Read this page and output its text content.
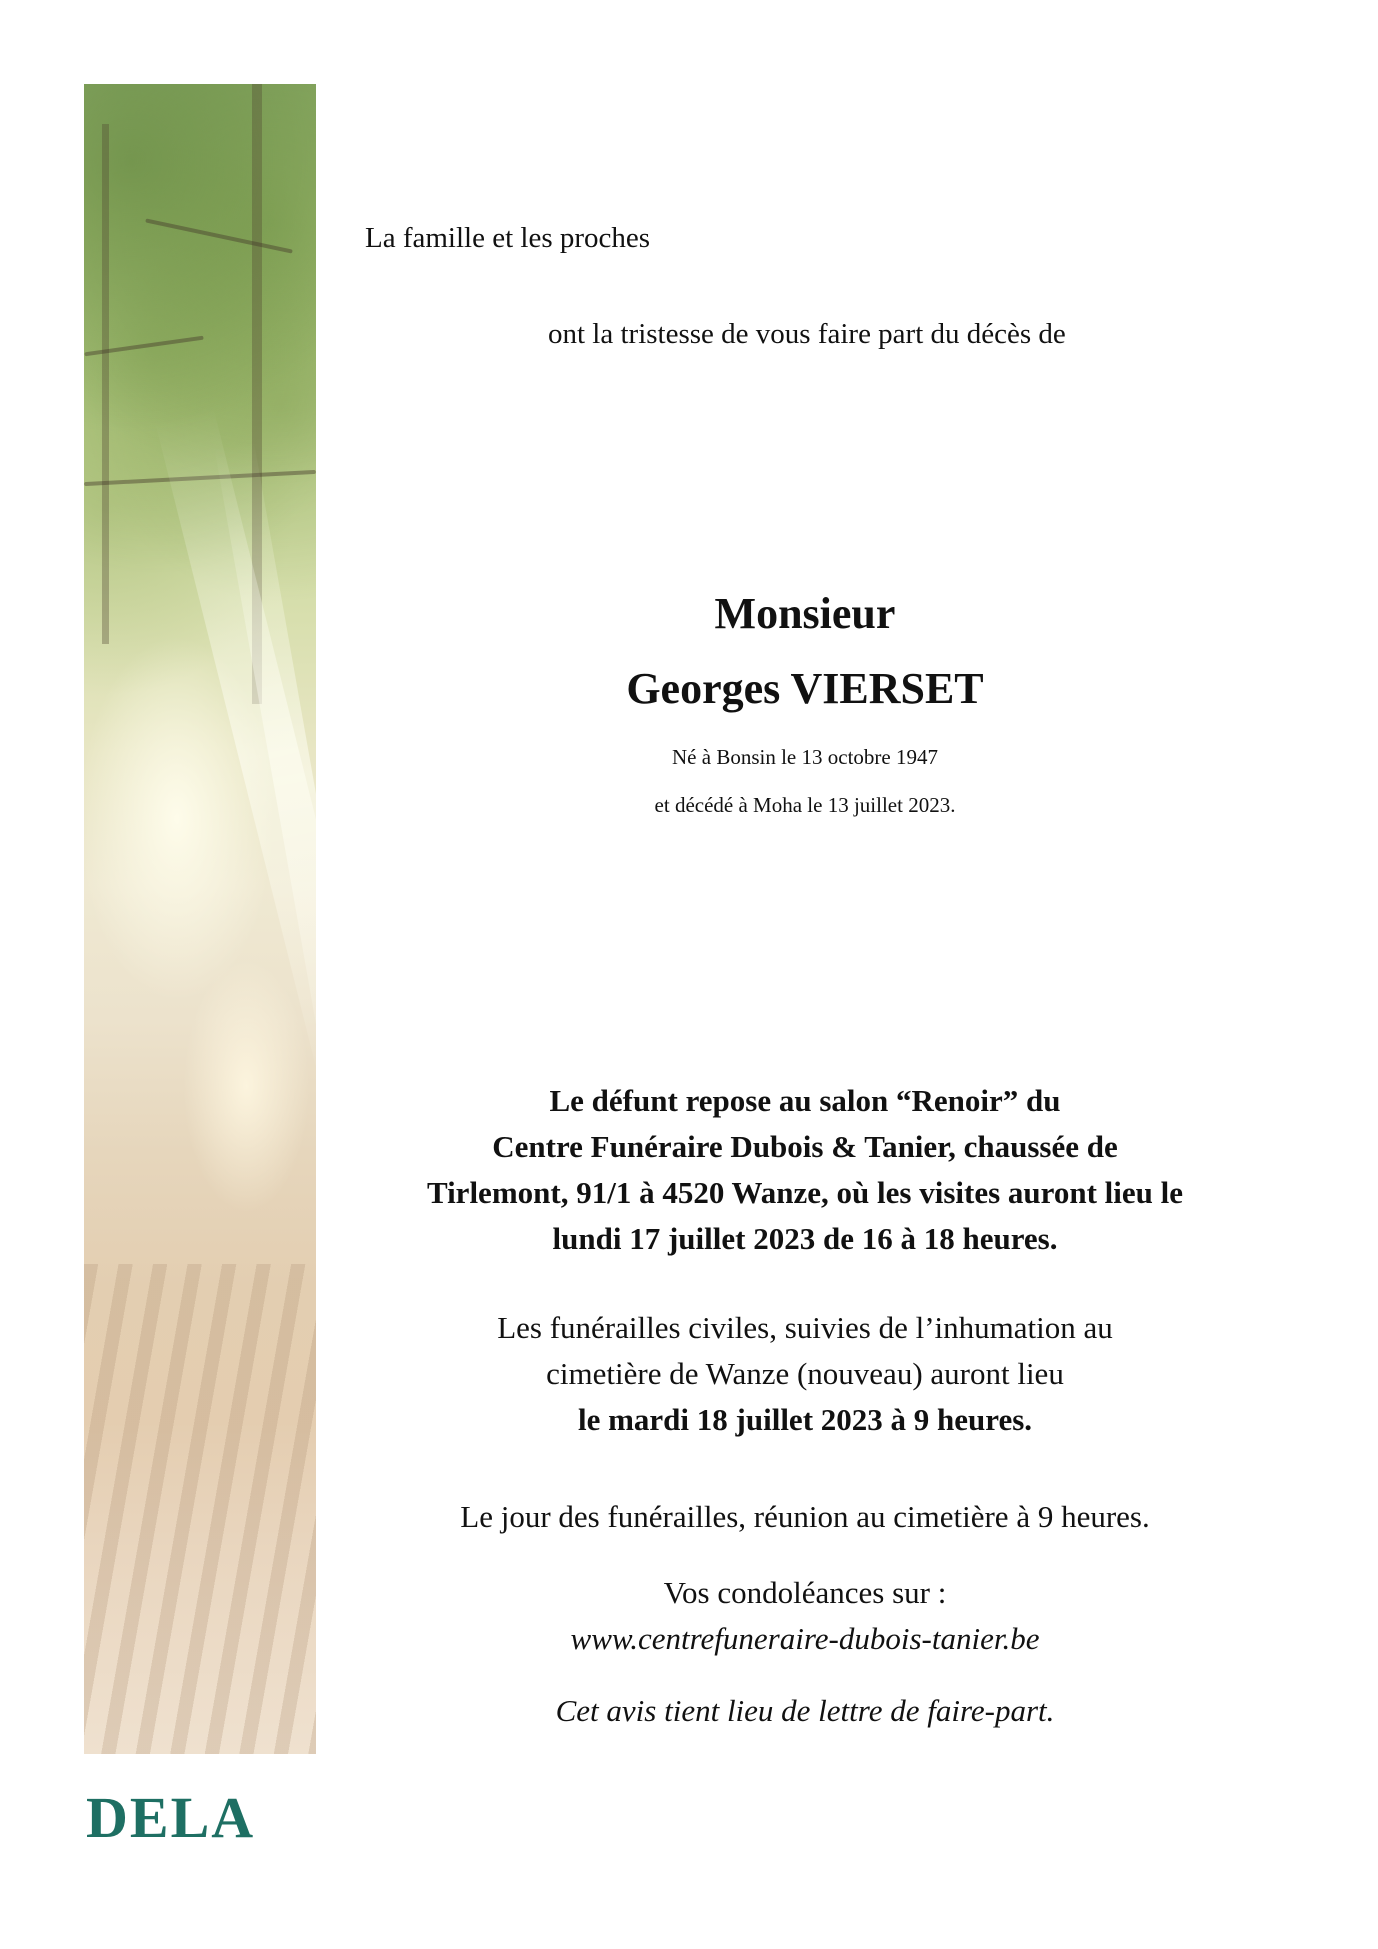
DELA
La famille et les proches
ont la tristesse de vous faire part du décès de
Monsieur
Georges VIERSET
Né à Bonsin le 13 octobre 1947
et décédé à Moha le 13 juillet 2023.
Le défunt repose au salon “Renoir” du
Centre Funéraire Dubois & Tanier, chaussée de
Tirlemont, 91/1 à 4520 Wanze, où les visites auront lieu le
lundi 17 juillet 2023 de 16 à 18 heures.
Les funérailles civiles, suivies de l’inhumation au
cimetière de Wanze (nouveau) auront lieu
le mardi 18 juillet 2023 à 9 heures.
Le jour des funérailles, réunion au cimetière à 9 heures.
Vos condoléances sur :
www.centrefuneraire-dubois-tanier.be
Cet avis tient lieu de lettre de faire-part.
